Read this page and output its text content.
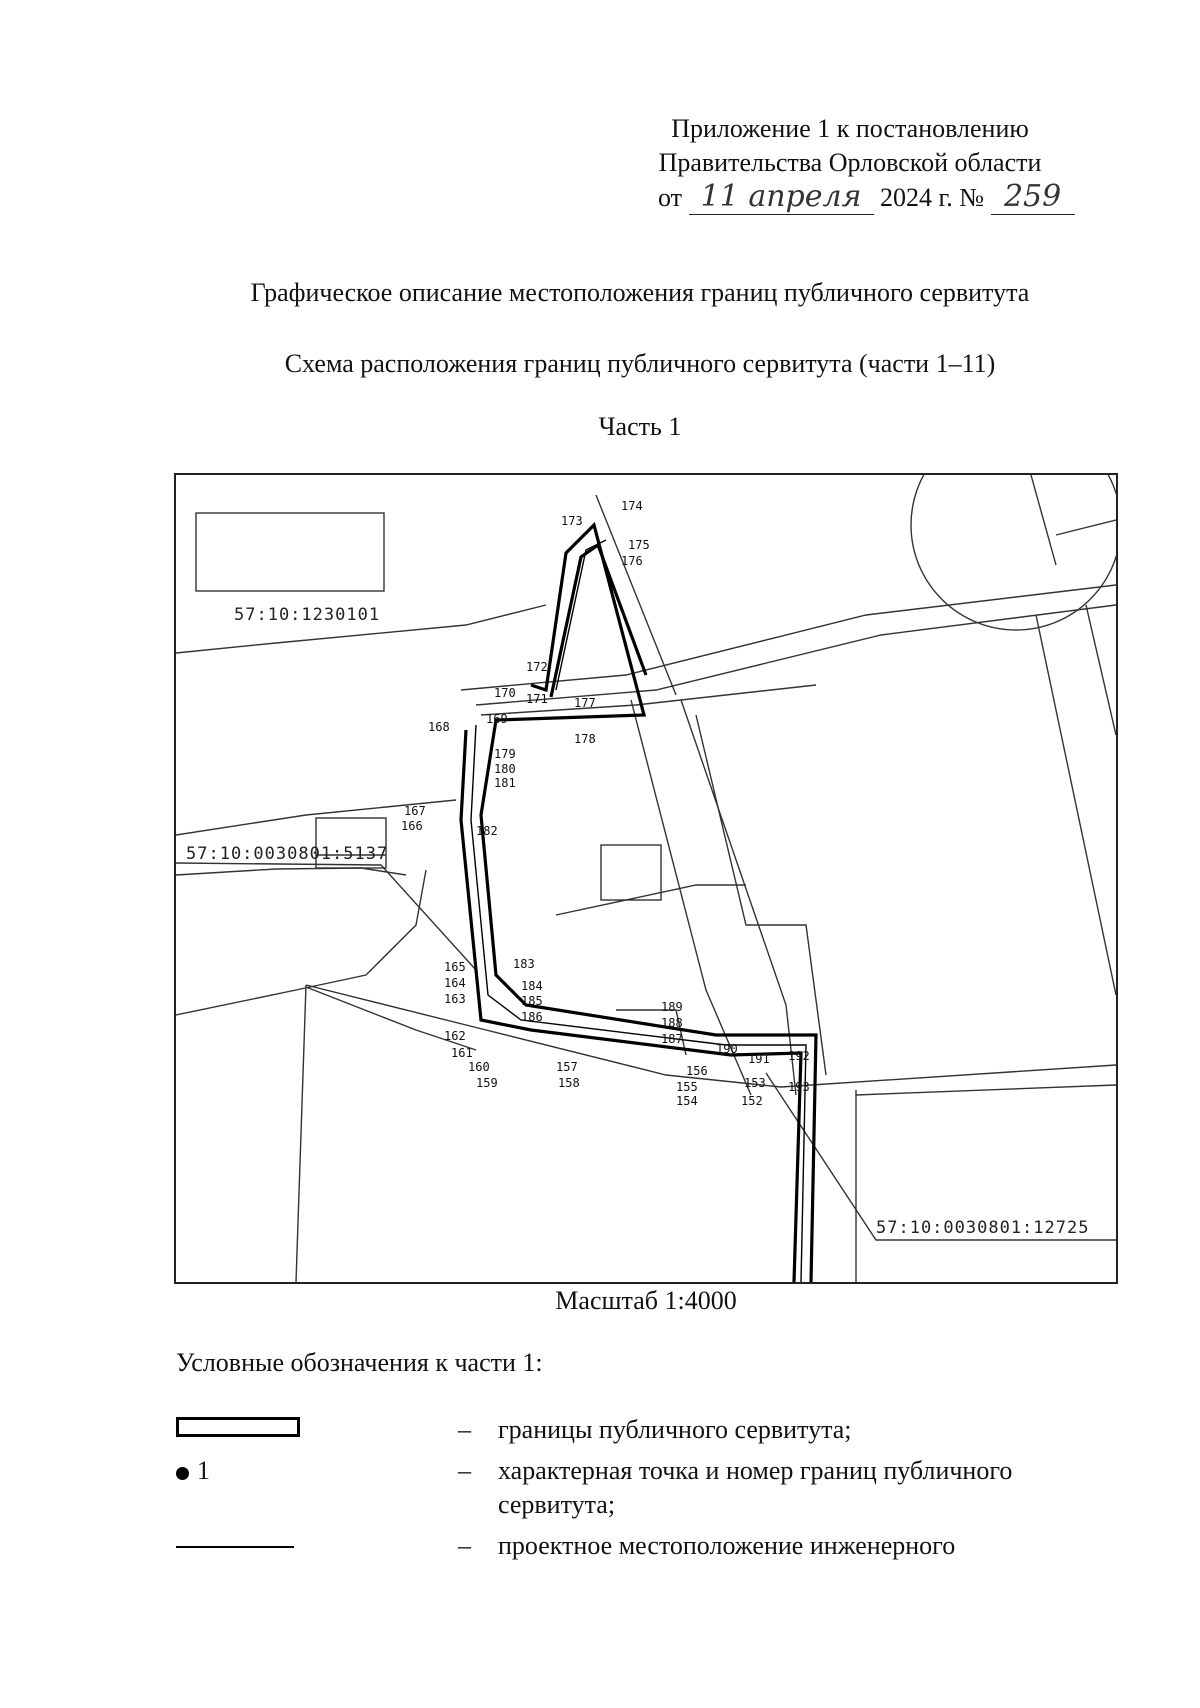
Приложение 1 к постановлению
Правительства Орловской области
от 11 апреля 2024 г. № 259
Графическое описание местоположения границ публичного сервитута
Схема расположения границ публичного сервитута (части 1–11)
Часть 1
57:10:1230101
57:10:0030801:5137
57:10:0030801:12725
152
153
154
155
156
157
158
159
160
161
162
163
164
165
166
167
168
169
170 171
172
173
174
175
176
177
178
179
180
181
182
183
184
185
186
187
188
189
190
191 192
193
Масштаб 1:4000
Условные обозначения к части 1:
– границы публичного сервитута;
1	– характерная точка и номер границ публичного сервитута;
– проектное местоположение инженерного
